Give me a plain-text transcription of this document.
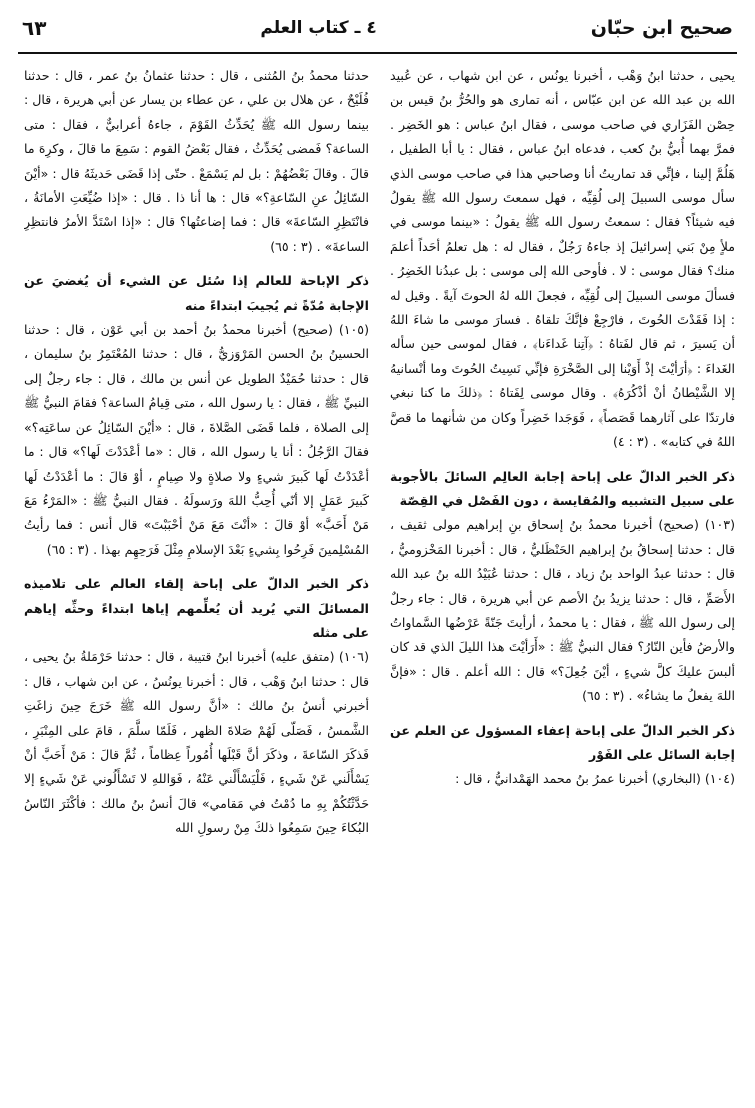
صحيح ابن حبّان
٤ ـ كتاب العلم
٦٣

يحيى ، حدثنا ابنُ وَهْب ، أخبرنا يونُس ، عن ابن شهاب ، عن عُبيد الله بن عبد الله عن ابن عبّاس ، أنه تمارى هو والحُرُّ بنُ قيس بن حِصْن الفَزَاري في صاحب موسى ، فقال ابنُ عباس : هو الخَضِر . فمرَّ بهما أُبيُّ بنُ كعب ، فدعاه ابنُ عباس ، فقال : يا أبا الطفيل ، هَلُمَّ إلينا ، فإنِّي قد تماريتُ أنا وصاحبي هذا في صاحب موسى الذي سأل موسى السبيلَ إلى لُقِيِّه ، فهل سمعتَ رسول الله ﷺ يقولُ فيه شيئاً؟ فقال : سمعتُ رسول الله ﷺ يقولُ : «بينما موسى في ملأٍ مِنْ بَني إسرائيلَ إذ جاءهُ رَجُلٌ ، فقال له : هل تعلمُ أحَداً أعلمَ منك؟ فقال موسى : لا . فأوحى الله إلى موسى : بل عبدُنا الخَضِرُ . فسألَ موسى السبيلَ إلى لُقِيِّه ، فجعلَ الله لهُ الحوتَ آيةً . وقيل له : إذا فَقَدْتَ الحُوتَ ، فارْجِعْ فإنَّكَ تلقاهُ . فسارَ موسى ما شاءَ اللهُ أن يَسيرَ ، ثم قال لفَتاهُ : ﴿آتِنا غَداءَنا﴾ ، فقال لموسى حين سأله الغَداءَ : ﴿أرَأيْتَ إذْ أَوَيْنا إلى الصَّخْرَةِ فإنِّي نَسِيتُ الحُوتَ وما أنْسانيهُ إلا الشَّيْطانُ أنْ أذْكُرَهُ﴾ . وقال موسى لِفَتاهُ : ﴿ذلكَ ما كنا نبغي فارتدّا على آثارهما قَصَصاً﴾ ، فَوَجَدا خَضِراً وكان من شأنهما ما قصَّ اللهُ في كتابه» . (٣ : ٤)

ذكر الخبر الدالّ على إباحة إجابة العالِم السائلَ بالأجوبة على سبيل التشبيه والمُقايسة ، دون الفَصْل في القِصّة

(١٠٣) (صحيح) أخبرنا محمدُ بنُ إسحاق بنِ إبراهيم مولى ثقيف ، قال : حدثنا إسحاقُ بنُ إبراهيم الحَنْظَليُّ ، قال : أخبرنا المَخْزوميُّ ، قال : حدثنا عبدُ الواحد بنُ زياد ، قال : حدثنا عُبَيْدُ الله بنُ عبد الله الأَصَمِّ ، قال : حدثنا يزيدُ بنُ الأصم عن أبي هريرة ، قال : جاء رجلٌ إلى رسول الله ﷺ ، فقال : يا محمدُ ، أرأيتَ جَنّةً عَرْضُها السَّماواتُ والأرضُ فأين النّارُ؟ فقال النبيُّ ﷺ : «أَرَأيْتَ هذا الليلَ الذي قد كان ألبسَ عليكَ كلَّ شيءٍ ، أيْنَ جُعِلَ؟» قال : الله أعلم . قال : «فإنَّ اللهَ يفعلُ ما يشاءُ» . (٣ : ٦٥)

ذكر الخبر الدالّ على إباحة إعفاء المسؤول عن العلم عن إجابة السائل على الفَوْر

(١٠٤) (البخاري) أخبرنا عمرُ بنُ محمد الهَمْدانيُّ ، قال :

حدثنا محمدُ بنُ المُثنى ، قال : حدثنا عثمانُ بنُ عمر ، قال : حدثنا فُلَيْحٌ ، عن هلال بن علي ، عن عطاء بن يسار عن أبي هريرة ، قال : بينما رسول الله ﷺ يُحَدِّثُ القَوْمَ ، جاءهُ أعرابيٌّ ، فقال : متى الساعة؟ فَمضى يُحَدِّثُ ، فقال بَعْضُ القوم : سَمِعَ ما قالَ ، وكرِهَ ما قالَ . وقالَ بَعْضُهُمْ : بل لم يَسْمَعْ . حتّى إذا قَضَى حَديثَهُ قال : «أيْنَ السّائِلُ عنِ السّاعةِ؟» قال : ها أنا ذا . قال : «إذا ضُيِّعَتِ الأمانَةُ ، فانْتَظِرِ السّاعةَ» قال : فما إضاعتُها؟ قال : «إذا اسْتَدَّ الأمرُ فانتظِرِ الساعةَ» . (٣ : ٦٥)

ذكر الإباحة للعالم إذا سُئل عن الشيء أن يُغضيَ عن الإجابة مُدّةً ثم يُجيبَ ابتداءً منه

(١٠٥) (صحيح) أخبرنا محمدُ بنُ أحمد بن أبي عَوْن ، قال : حدثنا الحسينُ بنُ الحسن المَرْوَزيُّ ، قال : حدثنا المُعْتَمِرُ بنُ سليمان ، قال : حدثنا حُمَيْدٌ الطويل عن أنس بن مالك ، قال : جاء رجلٌ إلى النبيِّ ﷺ ، فقال : يا رسول الله ، متى قِيامُ الساعة؟ فقامَ النبيُّ ﷺ إلى الصلاة ، فلما قَضَى الصَّلاةَ ، قال : «أيْنَ السّائِلُ عن ساعَتِه؟» فقالَ الرَّجُلُ : أنا يا رسول الله ، قال : «ما أعْدَدْتَ لَها؟» قال : ما أعْدَدْتُ لَها كَبيرَ شيءٍ ولا صلاةٍ ولا صِيامٍ ، أوْ قالَ : ما أعْدَدْتُ لَها كَبيرَ عَمَلٍ إلا أنّي أُحِبُّ اللهَ ورَسولَهُ . فقال النبيُّ ﷺ : «المَرْءُ مَعَ مَنْ أَحَبَّ» أوْ قالَ : «أنْتَ مَعَ مَنْ أحْبَبْتَ» قال أنس : فما رأيتُ المُسْلِمينَ فَرِحُوا بِشيءٍ بَعْدَ الإسلامِ مِثْلَ فَرَحِهِم بهذا . (٣ : ٦٥)

ذكر الخبر الدالّ على إباحة إلقاء العالم على تلاميذه المسائلَ التي يُريد أن يُعلِّمهم إياها ابتداءً وحثِّه إياهم على مثله

(١٠٦) (متفق عليه) أخبرنا ابنُ قتيبة ، قال : حدثنا حَرْمَلةُ بنُ يحيى ، قال : حدثنا ابنُ وَهْب ، قال : أخبرنا يونُسُ ، عن ابن شهاب ، قال : أخبرني أنسُ بنُ مالك : «أنَّ رسول الله ﷺ خَرَجَ حِينَ زاغَتِ الشَّمسُ ، فَصَلّى لَهُمْ صَلاةَ الظهر ، فَلَمّا سلَّمَ ، قامَ على المِنْبَرِ ، فَذكَرَ السّاعةَ ، وذكَرَ أنَّ قَبْلَها أُمُوراً عِظاماً ، ثُمَّ قالَ : مَنْ أَحَبَّ أنْ يَسْأَلَني عَنْ شَيءٍ ، فَلْيَسْأَلْني عَنْهُ ، فَوَاللهِ لا تَسْأَلُوني عَنْ شَيءٍ إلا حَدَّثْتُكُمْ بِهِ ما دُمْتُ في مَقامي» قالَ أنسُ بنُ مالك : فأكْثَرَ النّاسُ البُكاءَ حِينَ سَمِعُوا ذلكَ مِنْ رسولِ الله
